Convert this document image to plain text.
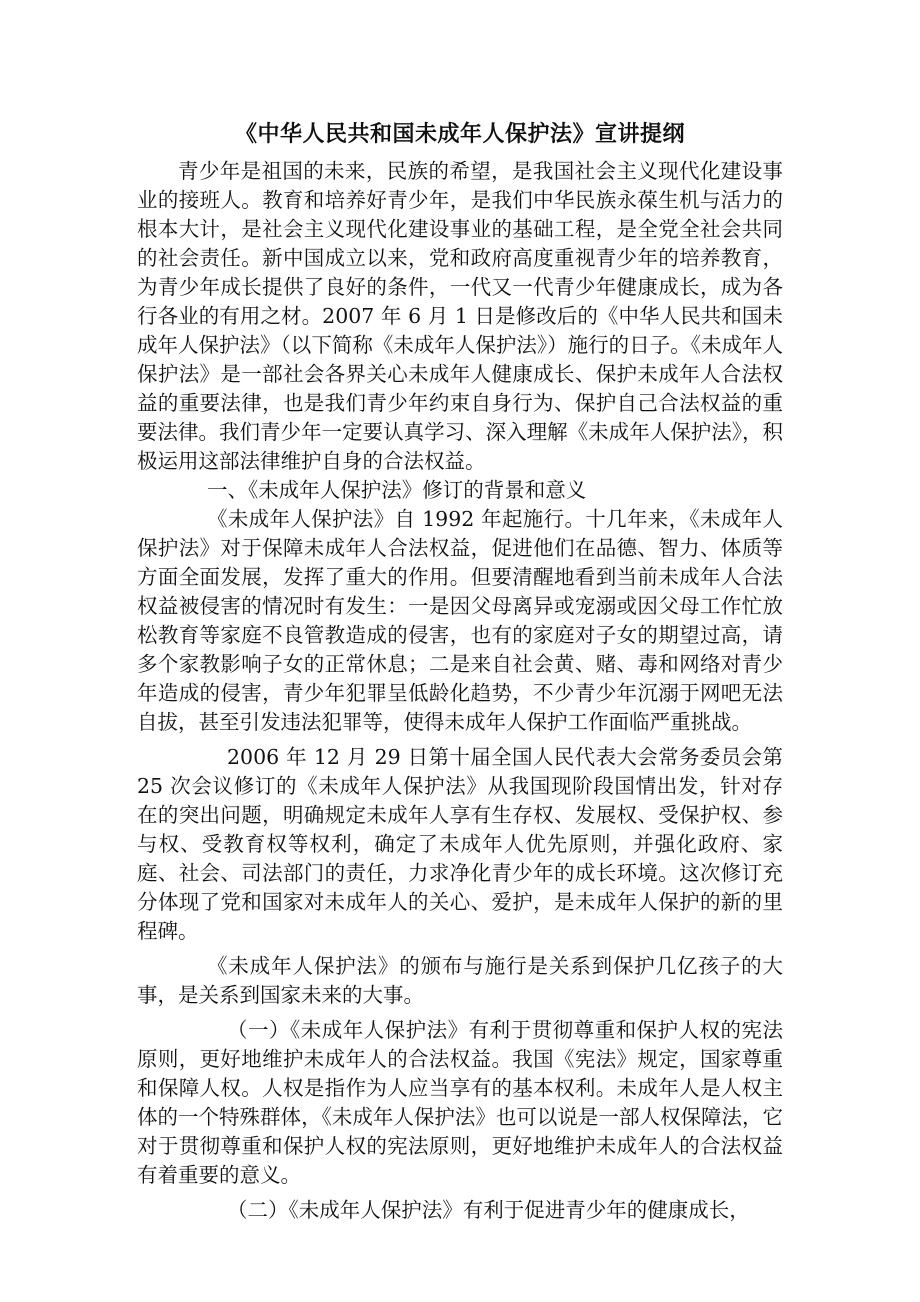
《中华人民共和国未成年人保护法》宣讲提纲

青少年是祖国的未来，民族的希望，是我国社会主义现代化建设事业的接班人。教育和培养好青少年，是我们中华民族永葆生机与活力的根本大计，是社会主义现代化建设事业的基础工程，是全党全社会共同的社会责任。新中国成立以来，党和政府高度重视青少年的培养教育，为青少年成长提供了良好的条件，一代又一代青少年健康成长，成为各行各业的有用之材。2007 年 6 月 1 日是修改后的《中华人民共和国未成年人保护法》（以下简称《未成年人保护法》）施行的日子。《未成年人保护法》是一部社会各界关心未成年人健康成长、保护未成年人合法权益的重要法律，也是我们青少年约束自身行为、保护自己合法权益的重要法律。我们青少年一定要认真学习、深入理解《未成年人保护法》，积极运用这部法律维护自身的合法权益。

一、《未成年人保护法》修订的背景和意义

《未成年人保护法》自 1992 年起施行。十几年来，《未成年人保护法》对于保障未成年人合法权益，促进他们在品德、智力、体质等方面全面发展，发挥了重大的作用。但要清醒地看到当前未成年人合法权益被侵害的情况时有发生：一是因父母离异或宠溺或因父母工作忙放松教育等家庭不良管教造成的侵害，也有的家庭对子女的期望过高，请多个家教影响子女的正常休息；二是来自社会黄、赌、毒和网络对青少年造成的侵害，青少年犯罪呈低龄化趋势，不少青少年沉溺于网吧无法自拔，甚至引发违法犯罪等，使得未成年人保护工作面临严重挑战。

2006 年 12 月 29 日第十届全国人民代表大会常务委员会第 25 次会议修订的《未成年人保护法》从我国现阶段国情出发，针对存在的突出问题，明确规定未成年人享有生存权、发展权、受保护权、参与权、受教育权等权利，确定了未成年人优先原则，并强化政府、家庭、社会、司法部门的责任，力求净化青少年的成长环境。这次修订充分体现了党和国家对未成年人的关心、爱护，是未成年人保护的新的里程碑。

《未成年人保护法》的颁布与施行是关系到保护几亿孩子的大事，是关系到国家未来的大事。

（一）《未成年人保护法》有利于贯彻尊重和保护人权的宪法原则，更好地维护未成年人的合法权益。我国《宪法》规定，国家尊重和保障人权。人权是指作为人应当享有的基本权利。未成年人是人权主体的一个特殊群体，《未成年人保护法》也可以说是一部人权保障法，它对于贯彻尊重和保护人权的宪法原则，更好地维护未成年人的合法权益有着重要的意义。

（二）《未成年人保护法》有利于促进青少年的健康成长，
